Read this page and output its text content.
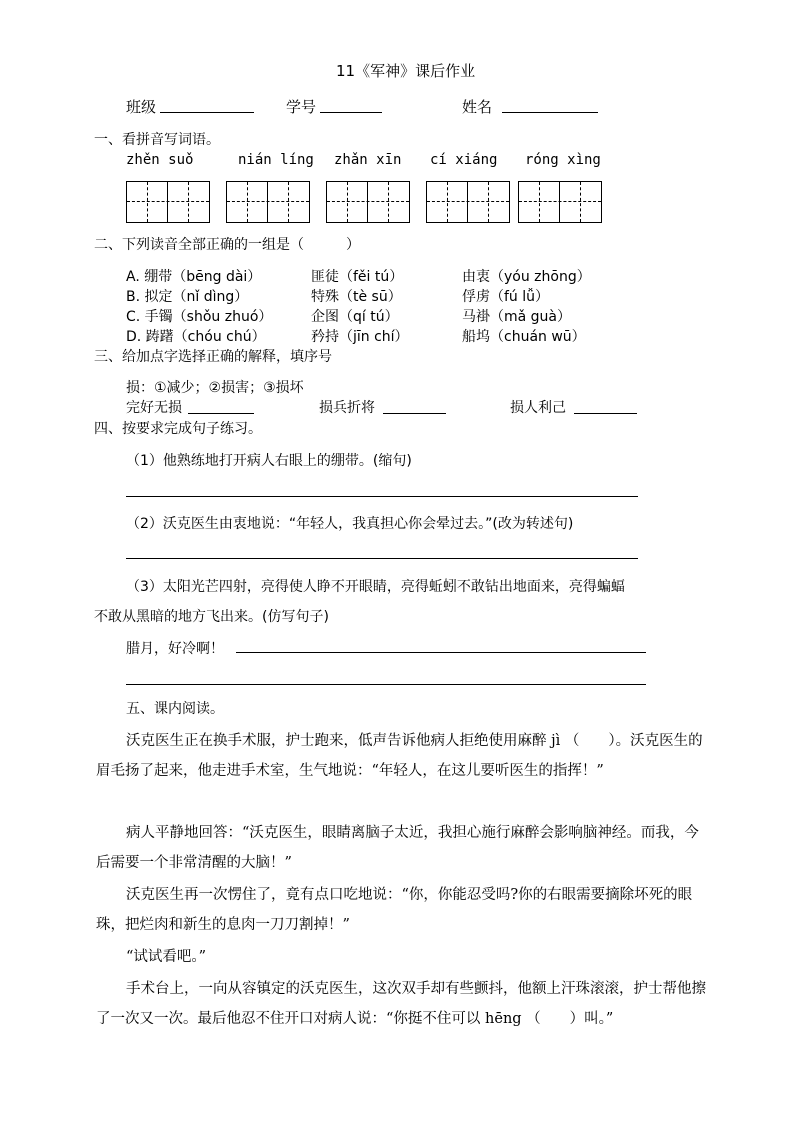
11《军神》课后作业
班级	学号	姓名
一、看拼音写词语。
zhěn suǒ	nián líng zhǎn xīn cí xiáng róng xìng
二、下列读音全部正确的一组是（　　　）
A. 绷带（bēng dài）	匪徒（fěi tú）	由衷（yóu zhōng）
B. 拟定（nǐ dìng）	特殊（tè sū）	俘虏（fú lǚ）
C. 手镯（shǒu zhuó）	企图（qí tú）	马褂（mǎ guà）
D. 踌躇（chóu chú）	矜持（jīn chí）	船坞（chuán wū）
三、给加点字选择正确的解释，填序号
损：①减少；②损害；③损坏
完好无损	损兵折将	损人利己
四、按要求完成句子练习。
（1）他熟练地打开病人右眼上的绷带。(缩句)
（2）沃克医生由衷地说：“年轻人，我真担心你会晕过去。”(改为转述句)
（3）太阳光芒四射，亮得使人睁不开眼睛，亮得蚯蚓不敢钻出地面来，亮得蝙蝠
不敢从黑暗的地方飞出来。(仿写句子)
腊月，好冷啊！
五、课内阅读。
沃克医生正在换手术服，护士跑来，低声告诉他病人拒绝使用麻醉 jì （　　）。沃克医生的眉毛扬了起来，他走进手术室，生气地说：“年轻人，在这儿要听医生的指挥！”
病人平静地回答：“沃克医生，眼睛离脑子太近，我担心施行麻醉会影响脑神经。而我，今后需要一个非常清醒的大脑！”
沃克医生再一次愣住了，竟有点口吃地说：“你，你能忍受吗?你的右眼需要摘除坏死的眼珠，把烂肉和新生的息肉一刀刀割掉！”
“试试看吧。”
手术台上，一向从容镇定的沃克医生，这次双手却有些颤抖，他额上汗珠滚滚，护士帮他擦了一次又一次。最后他忍不住开口对病人说：“你挺不住可以 hēng （　　）叫。”
